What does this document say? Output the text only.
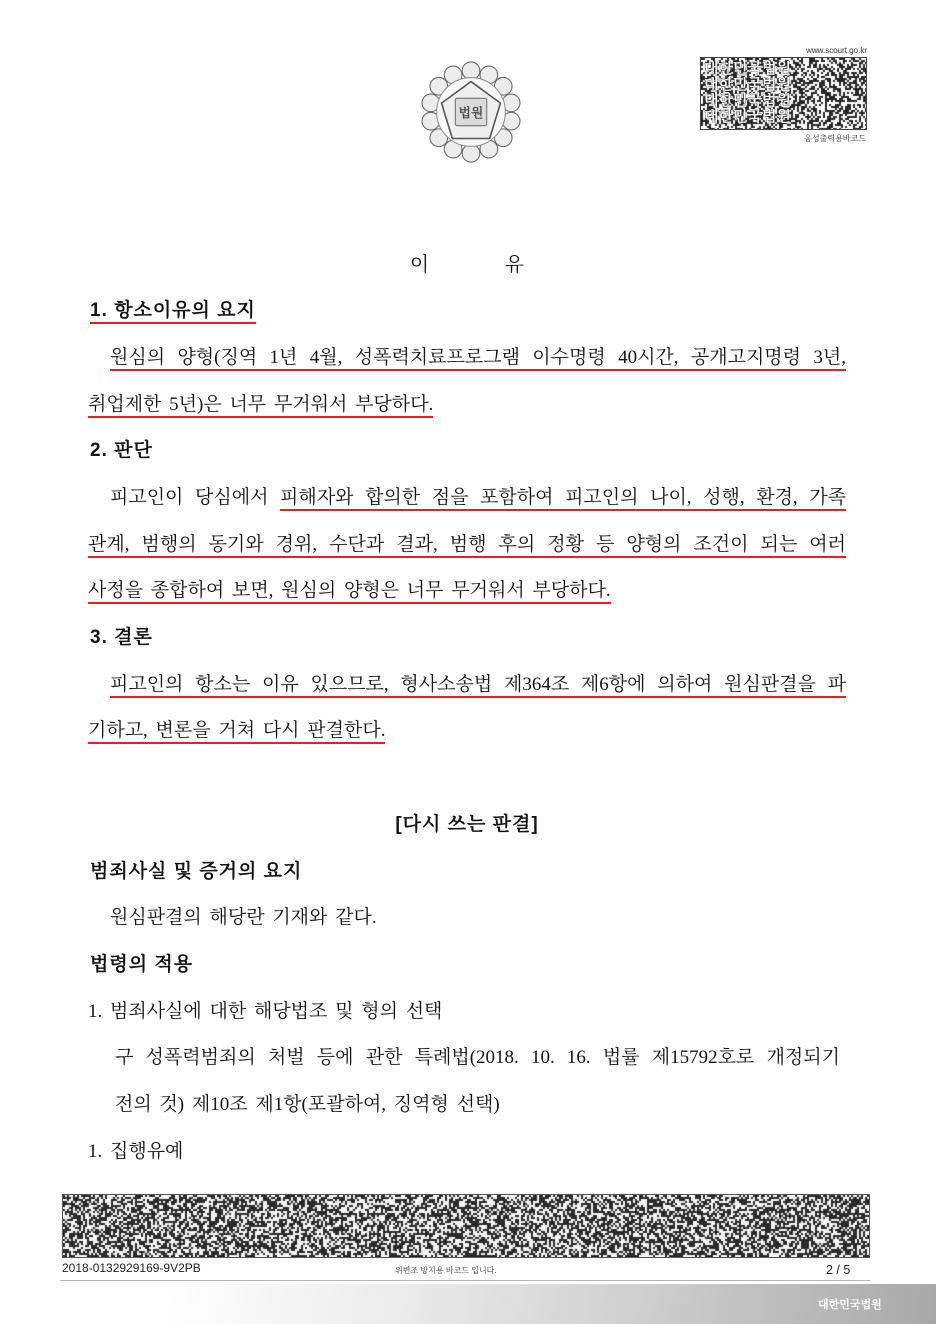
법원
www.scourt.go.kr
대한민국법원
대한민국법원
대한민국법원
대한민국법원
음성출력용바코드
이 유
1. 항소이유의 요지
원심의 양형(징역 1년 4월, 성폭력치료프로그램 이수명령 40시간, 공개고지명령 3년,
취업제한 5년)은 너무 무거워서 부당하다.
2. 판단
피고인이 당심에서 피해자와 합의한 점을 포함하여 피고인의 나이, 성행, 환경, 가족
관계, 범행의 동기와 경위, 수단과 결과, 범행 후의 정황 등 양형의 조건이 되는 여러
사정을 종합하여 보면, 원심의 양형은 너무 무거워서 부당하다.
3. 결론
피고인의 항소는 이유 있으므로, 형사소송법 제364조 제6항에 의하여 원심판결을 파
기하고, 변론을 거쳐 다시 판결한다.
[다시 쓰는 판결]
범죄사실 및 증거의 요지
원심판결의 해당란 기재와 같다.
법령의 적용
1. 범죄사실에 대한 해당법조 및 형의 선택
구 성폭력범죄의 처벌 등에 관한 특례법(2018. 10. 16. 법률 제15792호로 개정되기
전의 것) 제10조 제1항(포괄하여, 징역형 선택)
1. 집행유예
2018-0132929169-9V2PB	위변조 방지용 바코드 입니다.	2 / 5
대한민국법원
